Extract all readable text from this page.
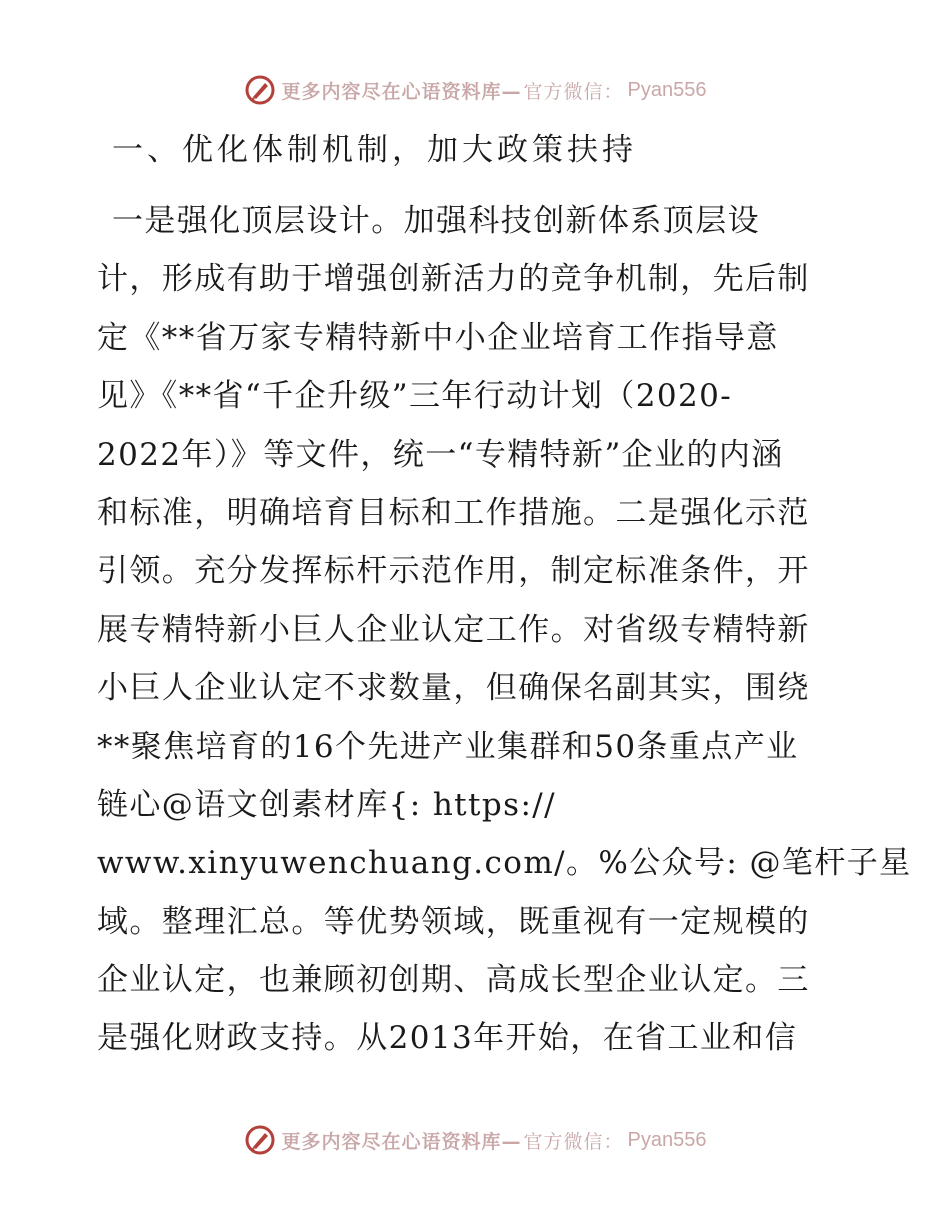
更多内容尽在心语资料库— 官方微信： Pyan556
一、优化体制机制，加大政策扶持
一是强化顶层设计。加强科技创新体系顶层设
计，形成有助于增强创新活力的竞争机制，先后制
定《**省万家专精特新中小企业培育工作指导意
见》《**省“千企升级”三年行动计划（2020-
2022年）》等文件，统一“专精特新”企业的内涵
和标准，明确培育目标和工作措施。二是强化示范
引领。充分发挥标杆示范作用，制定标准条件，开
展专精特新小巨人企业认定工作。对省级专精特新
小巨人企业认定不求数量，但确保名副其实，围绕
**聚焦培育的16个先进产业集群和50条重点产业
链心@语文创素材库{: https://
www.xinyuwenchuang.com/。%公众号: @笔杆子星
域。整理汇总。等优势领域，既重视有一定规模的
企业认定，也兼顾初创期、高成长型企业认定。三
是强化财政支持。从2013年开始，在省工业和信
更多内容尽在心语资料库— 官方微信： Pyan556
